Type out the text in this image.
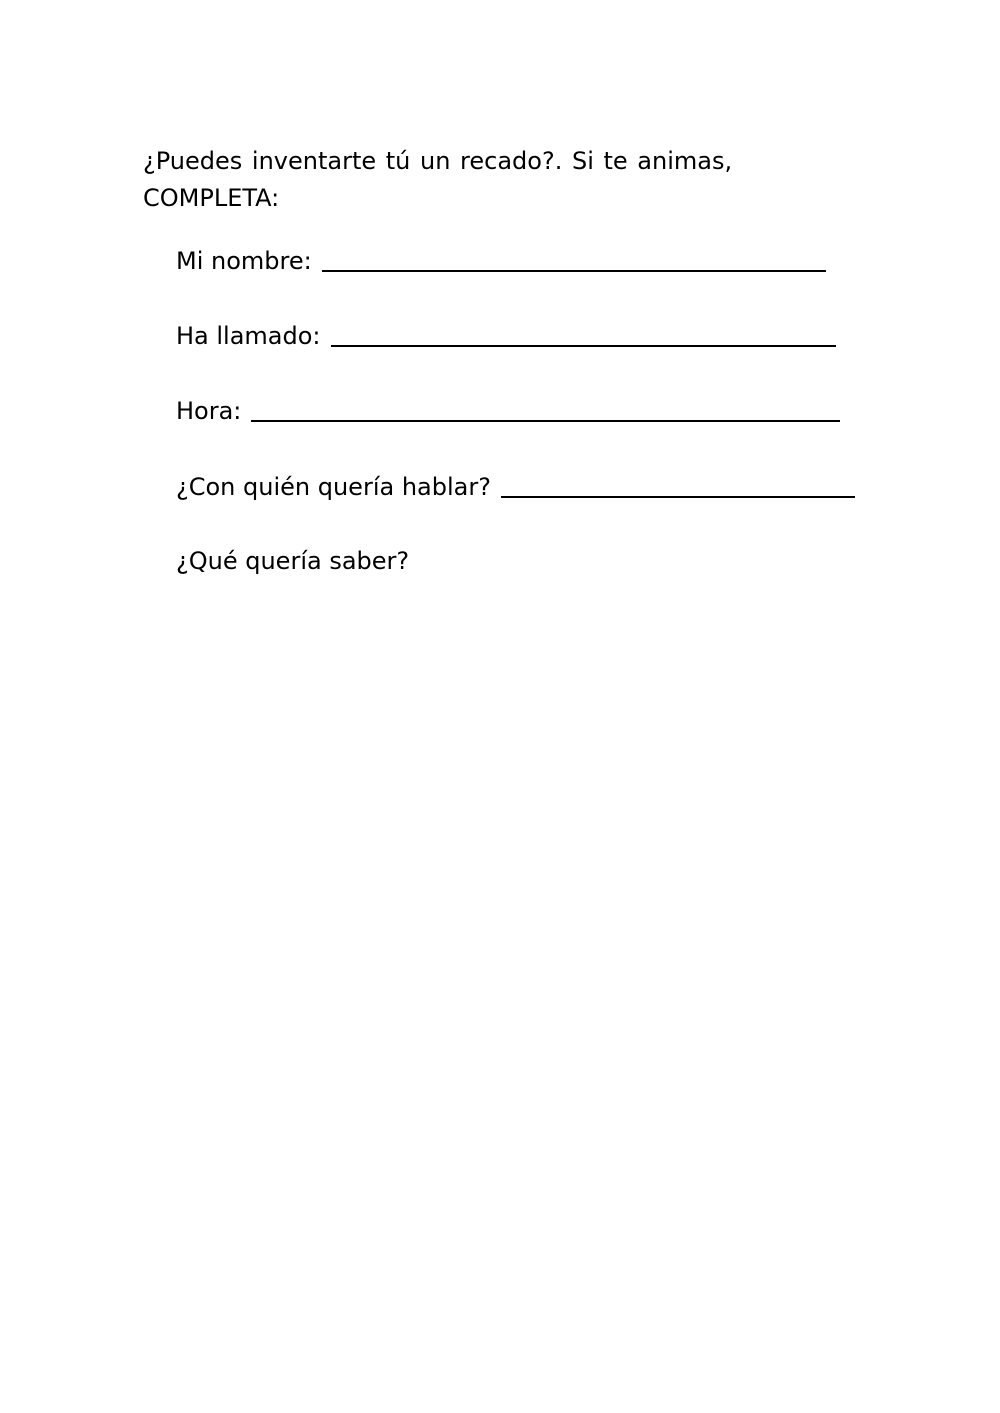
¿Puedes inventarte tú un recado?. Si te animas,
COMPLETA:
Mi nombre:
Ha llamado:
Hora:
¿Con quién quería hablar?
¿Qué quería saber?
